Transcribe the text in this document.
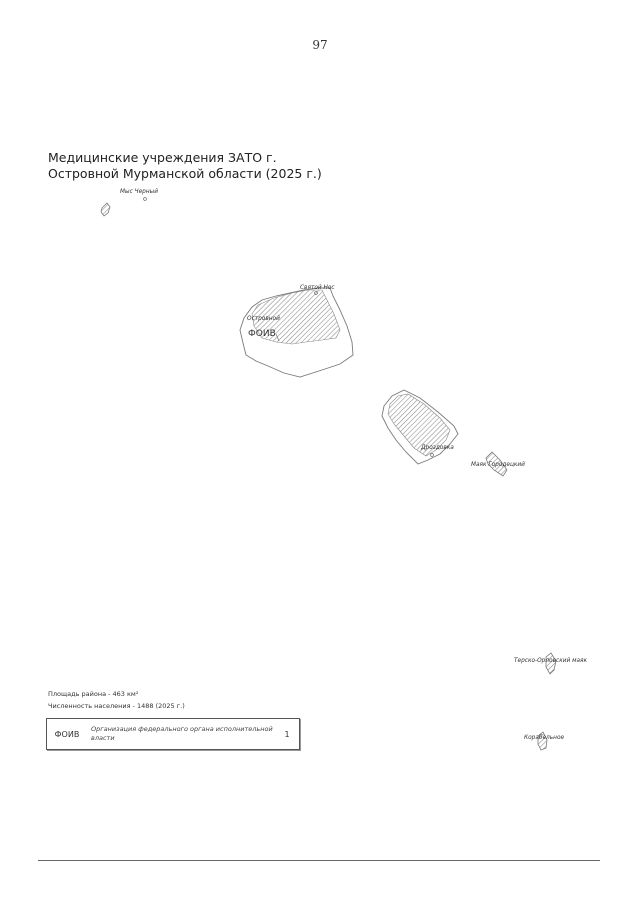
97
Медицинские учреждения ЗАТО г. Островной Мурманской области (2025 г.)
Мыс Черный
Святой Нос
Островной
ФОИВ
Дроздовка
Маяк Городецкий
Терско-Орловский маяк
Корабельное
Площадь района - 463 км²
Численность населения - 1488 (2025 г.)
ФОИВ
Организация федерального органа исполнительной власти	1
